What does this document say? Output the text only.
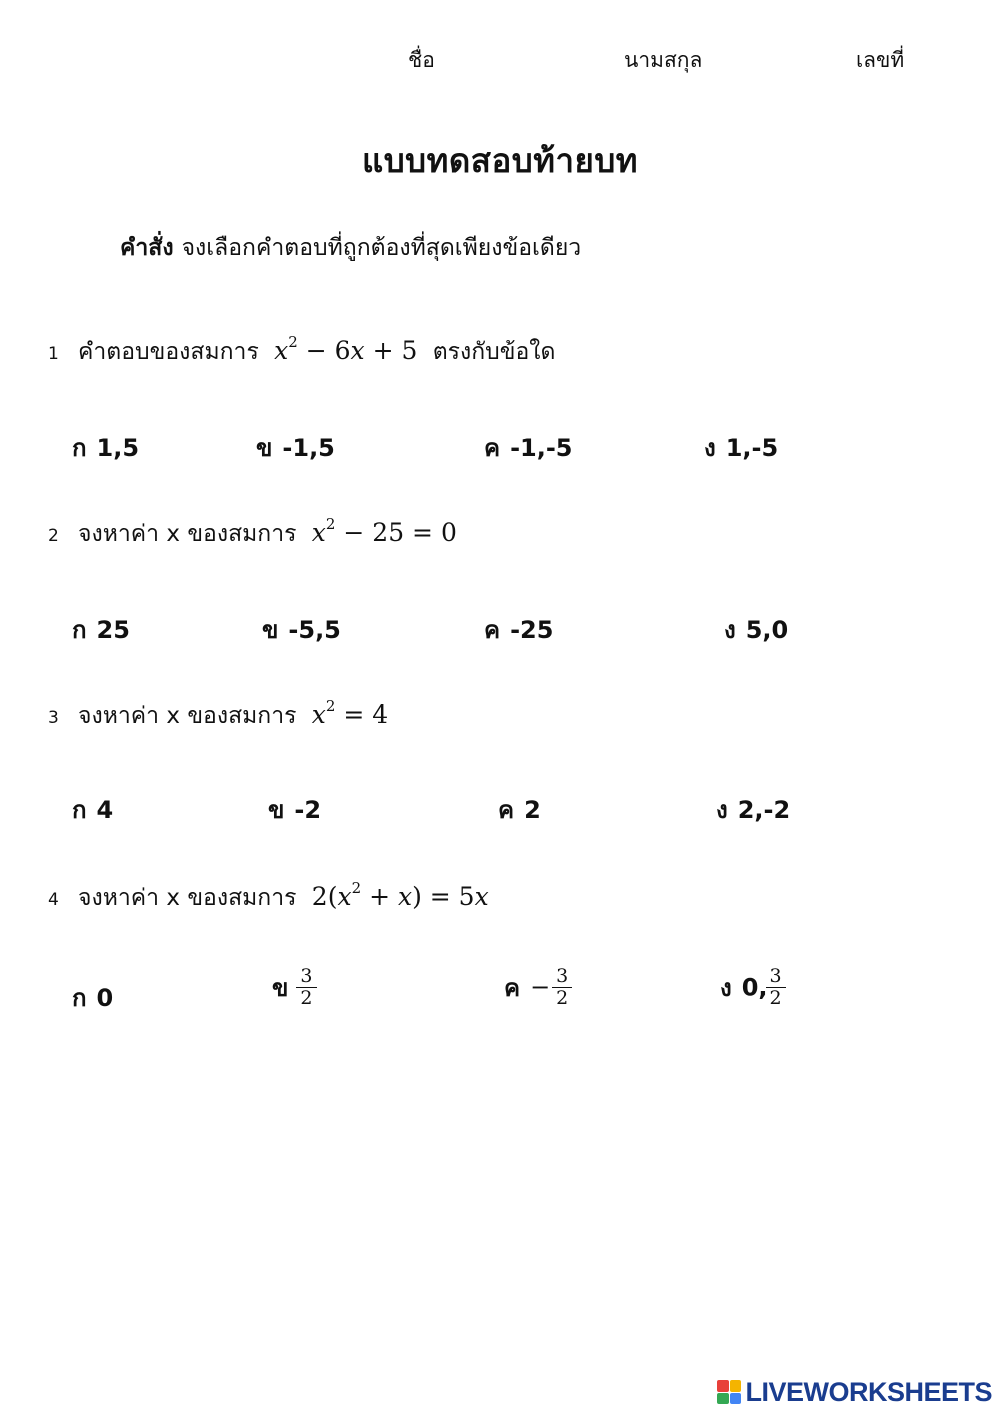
ชื่อ	นามสกุล	เลขที่
แบบทดสอบท้ายบท
คำสั่ง จงเลือกคำตอบที่ถูกต้องที่สุดเพียงข้อเดียว
1 คำตอบของสมการ $x^2 - 6x + 5$ ตรงกับข้อใด
ก 1,5	ข -1,5	ค -1,-5	ง 1,-5
2 จงหาค่า x ของสมการ $x^2 - 25 = 0$
ก 25	ข -5,5	ค -25	ง 5,0
3 จงหาค่า x ของสมการ $x^2 = 4$
ก 4	ข -2	ค 2	ง 2,-2
4 จงหาค่า x ของสมการ $2(x^2 + x) = 5x$
ก 0	ข $\frac{3}{2}$	ค − $\frac{3}{2}$	ง 0, $\frac{3}{2}$
LIVEWORKSHEETS
